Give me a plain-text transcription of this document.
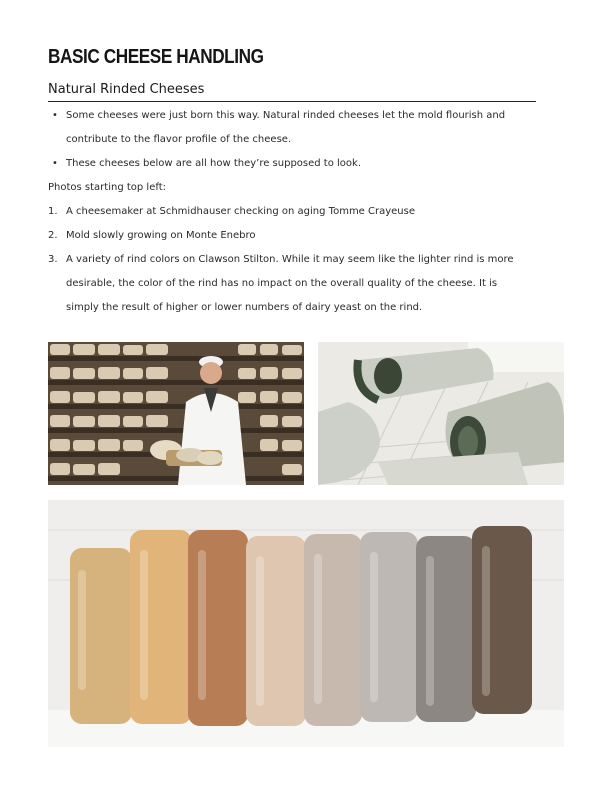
BASIC CHEESE HANDLING
Natural Rinded Cheeses
• Some cheeses were just born this way. Natural rinded cheeses let the mold flourish and
contribute to the flavor profile of the cheese.
• These cheeses below are all how they’re supposed to look.
Photos starting top left:
1. A cheesemaker at Schmidhauser checking on aging Tomme Crayeuse
2. Mold slowly growing on Monte Enebro
3. A variety of rind colors on Clawson Stilton. While it may seem like the lighter rind is more
desirable, the color of the rind has no impact on the overall quality of the cheese. It is
simply the result of higher or lower numbers of dairy yeast on the rind.
